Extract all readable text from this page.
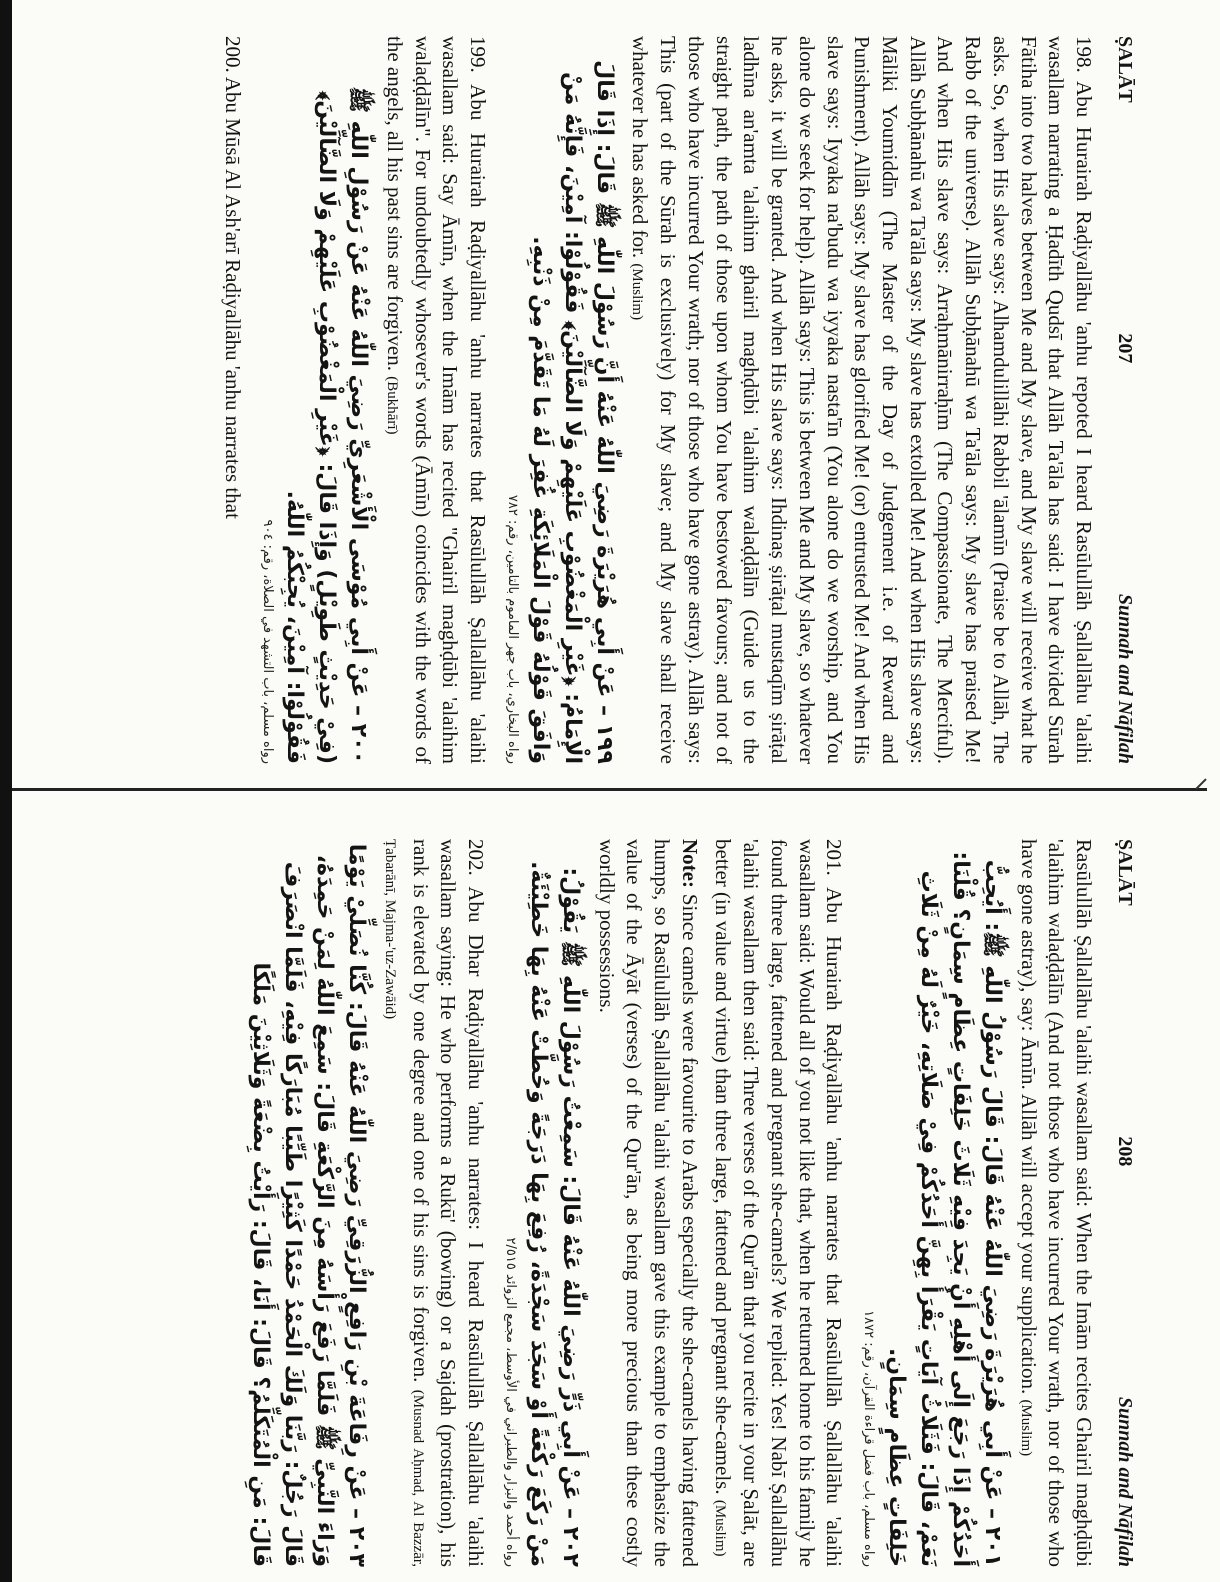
ṢALĀT
207
Sunnah and Nāfilah

198. Abu Hurairah Raḍiyallāhu 'anhu repoted I heard Rasūlullāh Ṣallallāhu 'alaihi wasallam narrating a Ḥadīth Qudsī that Allāh Ta'āla has said: I have divided Sūrah Fātiha into two halves between Me and My slave, and My slave will receive what he asks. So, when His slave says: Alhamdulillāhi Rabbil 'ālamīn (Praise be to Allāh, The Rabb of the universe). Allāh Subḥānahū wa Ta'āla says: My slave has praised Me! And when His slave says: Arraḥmānirraḥīm (The Compassionate, The Merciful). Allāh Subḥānahū wa Ta'āla says: My slave has extolled Me! And when His slave says: Māliki Youmiddīn (The Master of the Day of Judgement i.e. of Reward and Punishment). Allāh says: My slave has glorified Me! (or) entrusted Me! And when His slave says: Iyyaka na'budu wa iyyaka nasta'īn (You alone do we worship, and You alone do we seek for help). Allāh says: This is between Me and My slave, so whatever he asks, it will be granted. And when His slave says: Ihdinaṣ ṣirāṭal mustaqīm ṣirāṭal ladhīna an'amta 'alaihim ghairil maghḍūbi 'alaihim walaḍḍālīn (Guide us to the straight path, the path of those upon whom You have bestowed favours; and not of those who have incurred Your wrath; nor of those who have gone astray). Allāh says: This (part of the Sūrah is exclusively) for My slave; and My slave shall receive whatever he has asked for. (Muslim)

١٩٩ – عَنْ أَبِي هُرَيْرَةَ رَضِيَ اللّٰهُ عَنْهُ أَنَّ رَسُوْلَ اللّٰهِ ﷺ قَالَ: إِذَا قَالَ الْإِمَامُ: ﴿غَيْرِ الْمَغْضُوْبِ عَلَيْهِمْ وَلَا الضَّآلِّيْنَ﴾ فَقُوْلُوْا: آمِيْنَ، فَإِنَّهُ مَنْ وَافَقَ قَوْلُهُ قَوْلَ الْمَلَائِكَةِ غُفِرَ لَهُ مَا تَقَدَّمَ مِنْ ذَنْبِهِ.
رواه البخاري، باب جهر الماموم بالتامين، رقم: ٧٨٢

199. Abu Hurairah Raḍiyallāhu 'anhu narrates that Rasūlullāh Ṣallallāhu 'alaihi wasallam said: Say Āmīn, when the Imām has recited "Ghairil maghḍūbi 'alaihim walaḍḍālīn". For undoubtedly whosever's words (Āmīn) coincides with the words of the angels, all his past sins are forgiven. (Bukhārī)

٢٠٠ – عَنْ أَبِي مُوْسَى الْأَشْعَرِيِّ رَضِيَ اللّٰهُ عَنْهُ عَنْ رَسُوْلِ اللّٰهِ ﷺ (فِيْ حَدِيْثٍ طَوِيْلٍ) وَإِذَا قَالَ: ﴿غَيْرِ الْمَغْضُوْبِ عَلَيْهِمْ وَلَا الضَّآلِّيْنَ﴾ فَقُوْلُوْا: آمِيْنَ، يُجِبْكُمُ اللّٰهُ.
رواه مسلم، باب التشهد في الصلاة، رقم: ٩٠٤

200. Abu Mūsā Al Ash'arī Raḍiyallāhu 'anhu narrates that

ṢALĀT
208
Sunnah and Nāfilah

Rasūlullāh Ṣallallāhu 'alaihi wasallam said: When the Imām recites Ghairil maghḍūbi 'alaihim walaḍḍālīn (And not those who have incurred Your wrath, nor of those who have gone astray), say: Āmīn. Allāh will accept your supplication. (Muslim)

٢٠١ – عَنْ أَبِي هُرَيْرَةَ رَضِيَ اللّٰهُ عَنْهُ قَالَ: قَالَ رَسُوْلُ اللّٰهِ ﷺ: أَيُحِبُّ أَحَدُكُمْ إِذَا رَجَعَ إِلَى أَهْلِهِ أَنْ يَجِدَ فِيْهِ ثَلَاثَ خَلِفَاتٍ عِظَامٍ سِمَانٍ؟ قُلْنَا: نَعَمْ، قَالَ: فَثَلَاثُ آيَاتٍ يَقْرَأُ بِهِنَّ أَحَدُكُمْ فِيْ صَلَاتِهِ، خَيْرٌ لَهُ مِنْ ثَلَاثِ خَلِفَاتٍ عِظَامٍ سِمَانٍ.
رواه مسلم، باب فضل قراءة القرآن، رقم: ١٨٧٢

201. Abu Hurairah Raḍiyallāhu 'anhu narrates that Rasūlullāh Ṣallallāhu 'alaihi wasallam said: Would all of you not like that, when he returned home to his family he found three large, fattened and pregnant she-camels? We replied: Yes! Nabī Ṣallallāhu 'alaihi wasallam then said: Three verses of the Qur'ān that you recite in your Ṣalāt, are better (in value and virtue) than three large, fattened and pregnant she-camels. (Muslim)

Note: Since camels were favourite to Arabs especially the she-camels having fattened humps, so Rasūlullāh Ṣallallāhu 'alaihi wasallam gave this example to emphasize the value of the Āyāt (verses) of the Qur'ān, as being more precious than these costly worldly possessions.

٢٠٢ – عَنْ أَبِي ذَرٍّ رَضِيَ اللّٰهُ عَنْهُ قَالَ: سَمِعْتُ رَسُوْلَ اللّٰهِ ﷺ يَقُوْلُ: مَنْ رَكَعَ رَكْعَةً أَوْ سَجَدَ سَجْدَةً، رُفِعَ بِهَا دَرَجَةً وَحُطَّتْ عَنْهُ بِهَا خَطِيْئَةٌ.
رواه أحمد والبزار والطبراني في الأوسط، مجمع الزوائد ٢/٥١٥

202. Abu Dhar Raḍiyallāhu 'anhu narrates: I heard Rasūlullāh Ṣallallāhu 'alaihi wasallam saying: He who performs a Rukū' (bowing) or a Sajdah (prostration), his rank is elevated by one degree and one of his sins is forgiven. (Musnad Aḥmad, Al Bazzār, Ṭabarānī, Majma-'uz-Zawāid)

٢٠٣ – عَنْ رِفَاعَةَ بْنِ رَافِعٍ الزُّرَقِيِّ رَضِيَ اللّٰهُ عَنْهُ قَالَ: كُنَّا نُصَلِّيْ يَوْمًا وَرَاءَ النَّبِيِّ ﷺ فَلَمَّا رَفَعَ رَأْسَهُ مِنَ الرَّكْعَةِ قَالَ: سَمِعَ اللّٰهُ لِمَنْ حَمِدَهُ، قَالَ رَجُلٌ: رَبَّنَا وَلَكَ الْحَمْدُ حَمْدًا كَثِيْرًا طَيِّبًا مُبَارَكًا فِيْهِ، فَلَمَّا انْصَرَفَ قَالَ: مَنِ الْمُتَكَلِّمُ؟ قَالَ: أَنَا، قَالَ: رَأَيْتُ بِضْعَةً وَثَلَاثِيْنَ مَلَكًا
